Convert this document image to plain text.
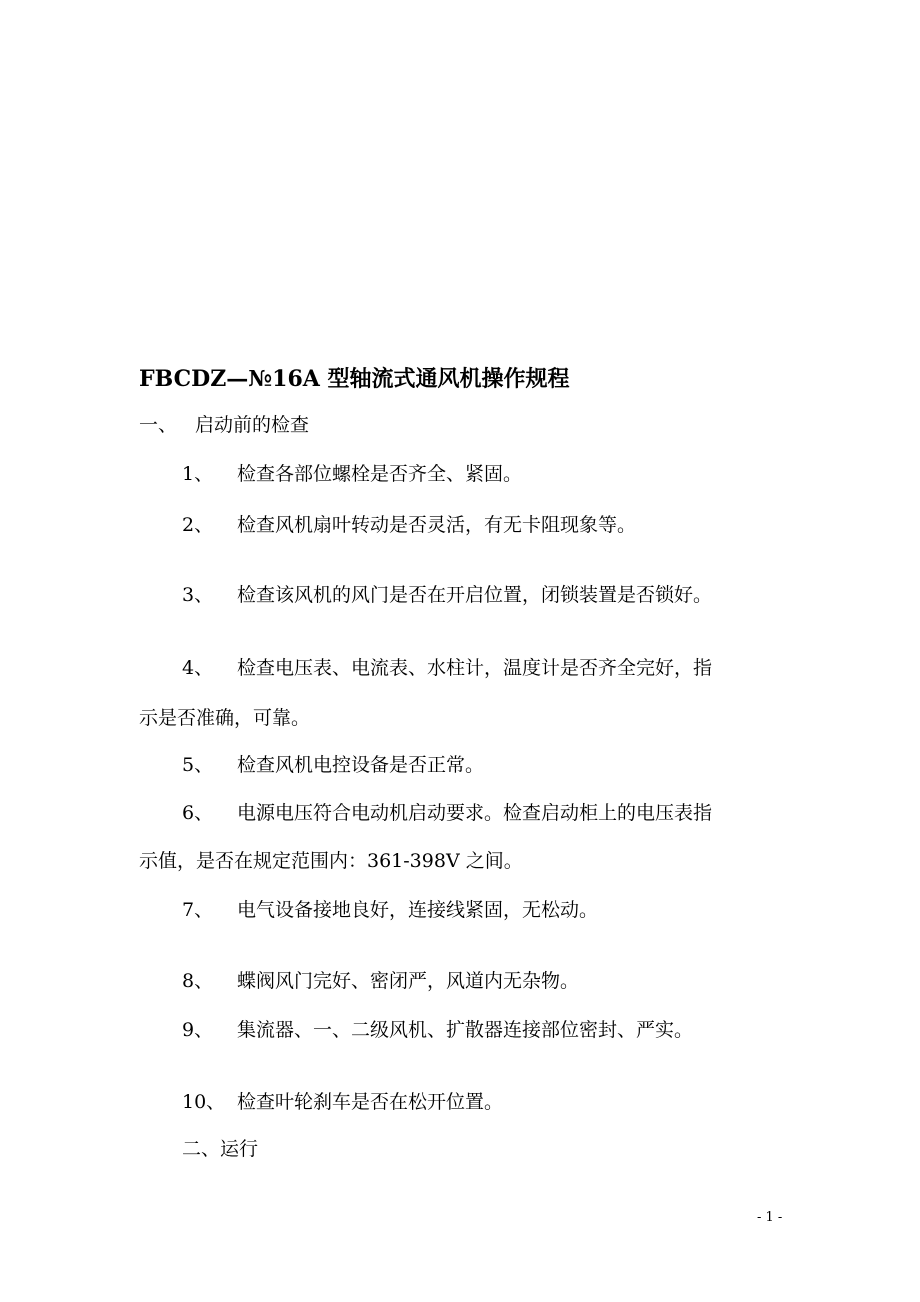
FBCDZ—№16A 型轴流式通风机操作规程
一、 启动前的检查
1、 检查各部位螺栓是否齐全、紧固。
2、 检查风机扇叶转动是否灵活，有无卡阻现象等。
3、 检查该风机的风门是否在开启位置，闭锁装置是否锁好。
4、 检查电压表、电流表、水柱计，温度计是否齐全完好，指
示是否准确，可靠。
5、 检查风机电控设备是否正常。
6、 电源电压符合电动机启动要求。检查启动柜上的电压表指
示值，是否在规定范围内：361-398V 之间。
7、 电气设备接地良好，连接线紧固，无松动。
8、 蝶阀风门完好、密闭严，风道内无杂物。
9、 集流器、一、二级风机、扩散器连接部位密封、严实。
10、 检查叶轮刹车是否在松开位置。
二、运行
- 1 -
